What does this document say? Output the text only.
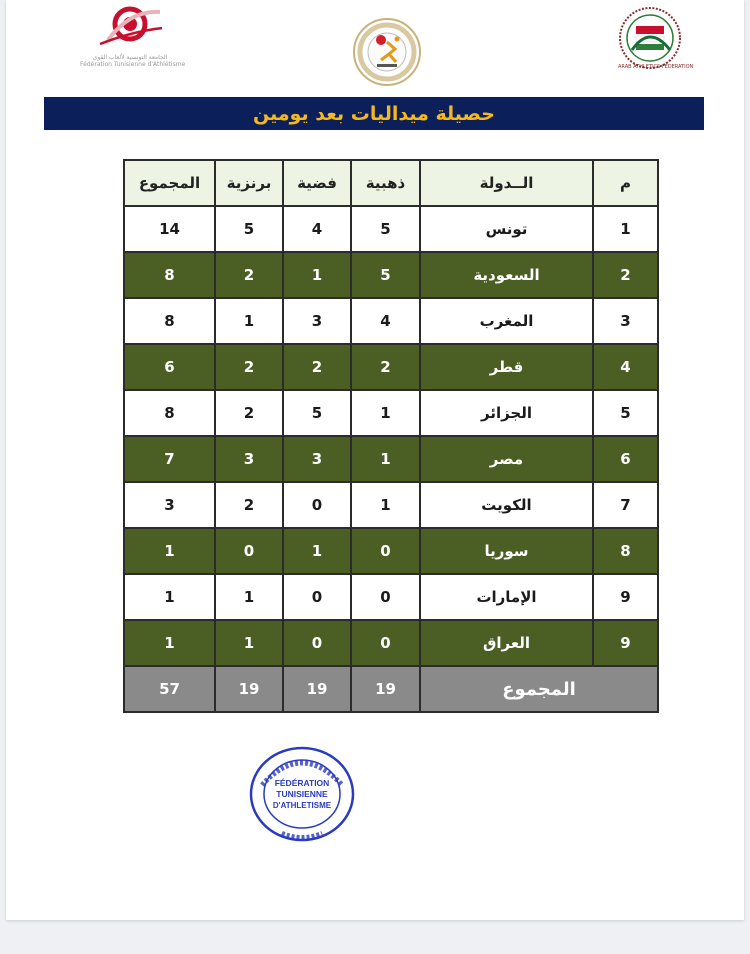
الجامعة التونسية لألعاب القوى
Fédération Tunisienne d'Athlétisme	ARAB ATHLETICS FEDERATION
حصيلة ميداليات بعد يومين
م	الــدولة	ذهبية	فضية	برنزية	المجموع
1	تونس	5	4	5	14
2	السعودية	5	1	2	8
3	المغرب	4	3	1	8
4	قطر	2	2	2	6
5	الجزائر	1	5	2	8
6	مصر	1	3	3	7
7	الكويت	1	0	2	3
8	سوريا	0	1	0	1
9	الإمارات	0	0	1	1
9	العراق	0	0	1	1
المجموع		19	19	19	57
FÉDÉRATION
TUNISIENNE
D'ATHLETISME
